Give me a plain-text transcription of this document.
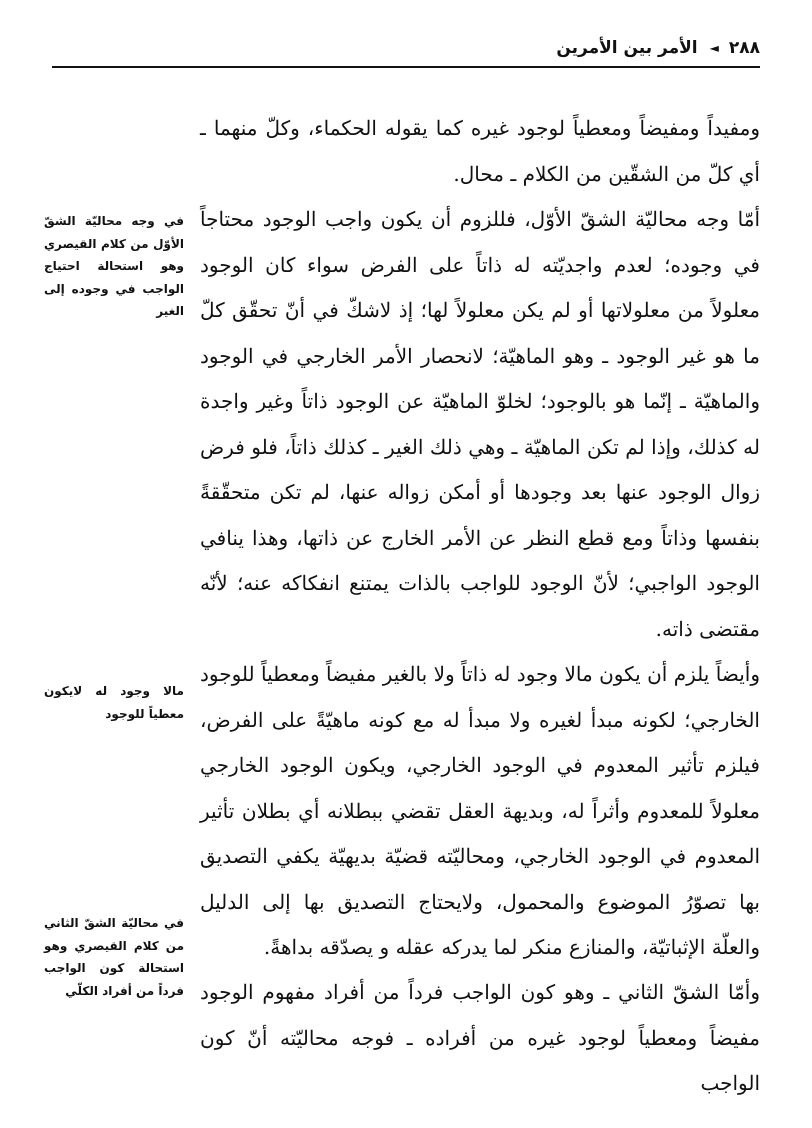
٢٨٨
◄
الأمر بين الأمرين

ومفيداً ومفيضاً ومعطياً لوجود غيره كما يقوله الحكماء، وكلّ منهما ـ أي كلّ من الشقّين من الكلام ـ محال.

أمّا وجه محاليّة الشقّ الأوّل، فللزوم أن يكون واجب الوجود محتاجاً في وجوده؛ لعدم واجديّته له ذاتاً على الفرض سواء كان الوجود معلولاً من معلولاتها أو لم يكن معلولاً لها؛ إذ لاشكّ في أنّ تحقّق كلّ ما هو غير الوجود ـ وهو الماهيّة؛ لانحصار الأمر الخارجي في الوجود والماهيّة ـ إنّما هو بالوجود؛ لخلوّ الماهيّة عن الوجود ذاتاً وغير واجدة له كذلك، وإذا لم تكن الماهيّة ـ وهي ذلك الغير ـ كذلك ذاتاً، فلو فرض زوال الوجود عنها بعد وجودها أو أمكن زواله عنها، لم تكن متحقّقةً بنفسها وذاتاً ومع قطع النظر عن الأمر الخارج عن ذاتها، وهذا ينافي الوجود الواجبي؛ لأنّ الوجود للواجب بالذات يمتنع انفكاكه عنه؛ لأنّه مقتضى ذاته.

وأيضاً يلزم أن يكون مالا وجود له ذاتاً ولا بالغير مفيضاً ومعطياً للوجود الخارجي؛ لكونه مبدأ لغيره ولا مبدأ له مع كونه ماهيّةً على الفرض، فيلزم تأثير المعدوم في الوجود الخارجي، ويكون الوجود الخارجي معلولاً للمعدوم وأثراً له، وبديهة العقل تقضي ببطلانه أي بطلان تأثير المعدوم في الوجود الخارجي، ومحاليّته قضيّة بديهيّة يكفي التصديق بها تصوّرُ الموضوع والمحمول، ولايحتاج التصديق بها إلى الدليل والعلّة الإثباتيّة، والمنازع منكر لما يدركه عقله و يصدّقه بداهةً.

وأمّا الشقّ الثاني ـ وهو كون الواجب فرداً من أفراد مفهوم الوجود مفيضاً ومعطياً لوجود غيره من أفراده ـ فوجه محاليّته أنّ كون الواجب

في وجه محاليّة الشقّ الأوّل من كلام القيصري وهو استحالة احتياج الواجب في وجوده إلى الغير

مالا وجود له لايكون معطياً للوجود

في محاليّة الشقّ الثاني من كلام القيصري وهو استحالة كون الواجب فرداً من أفراد الكلّي
